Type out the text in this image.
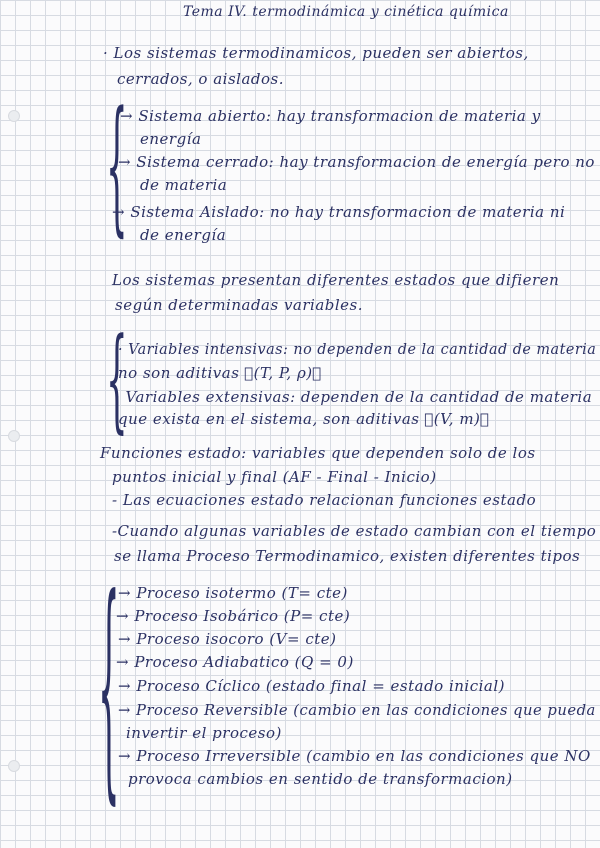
Tema IV. termodinámica y cinética química
· Los sistemas termodinamicos, pueden ser abiertos,
cerrados, o aislados.
{
→ Sistema abierto: hay transformacion de materia y
energía
→ Sistema cerrado: hay transformacion de energía pero no
de materia
→ Sistema Aislado: no hay transformacion de materia ni
de energía
Los sistemas presentan diferentes estados que difieren
según determinadas variables.
{
· Variables intensivas: no dependen de la cantidad de materia
no son aditivas ⃗(T, P, ρ)⃗
· Variables extensivas: dependen de la cantidad de materia
que exista en el sistema, son aditivas ⃗(V, m)⃗
Funciones estado: variables que dependen solo de los
puntos inicial y final (AF - Final - Inicio)
- Las ecuaciones estado relacionan funciones estado
-Cuando algunas variables de estado cambian con el tiempo
se llama Proceso Termodinamico, existen diferentes tipos
{
→ Proceso isotermo (T= cte)
→ Proceso Isobárico (P= cte)
→ Proceso isocoro (V= cte)
→ Proceso Adiabatico (Q = 0)
→ Proceso Cíclico (estado final = estado inicial)
→ Proceso Reversible (cambio en las condiciones que pueda
invertir el proceso)
→ Proceso Irreversible (cambio en las condiciones que NO
provoca cambios en sentido de transformacion)
